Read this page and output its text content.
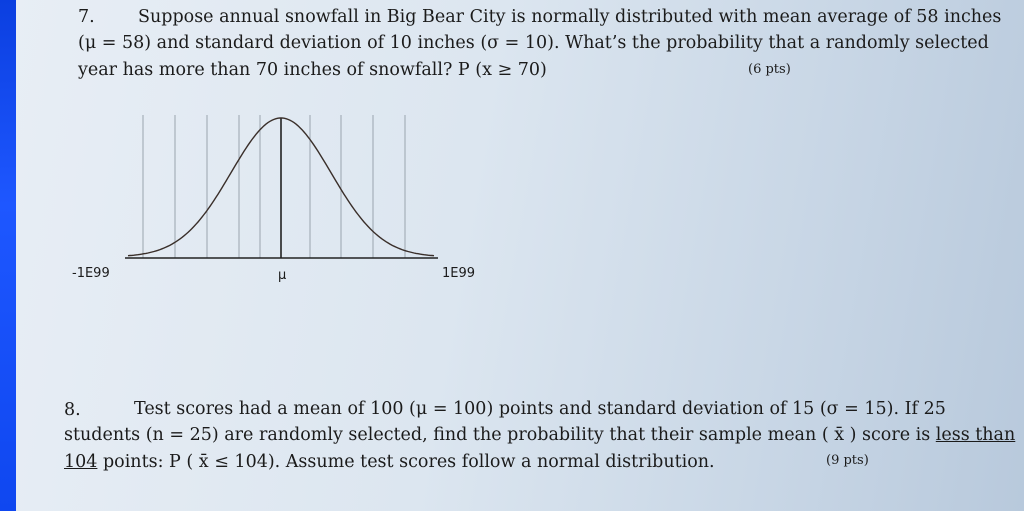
7. Suppose annual snowfall in Big Bear City is normally distributed with mean average of 58 inches
(μ = 58) and standard deviation of 10 inches (σ = 10). What’s the probability that a randomly selected
year has more than 70 inches of snowfall? P (x ≥ 70)	(6 pts)
-1E99	μ	1E99
8.	Test scores had a mean of 100 (μ = 100) points and standard deviation of 15 (σ = 15). If 25
students (n = 25) are randomly selected, find the probability that their sample mean ( x̄ ) score is less than
104 points: P ( x̄ ≤ 104). Assume test scores follow a normal distribution.	(9 pts)
